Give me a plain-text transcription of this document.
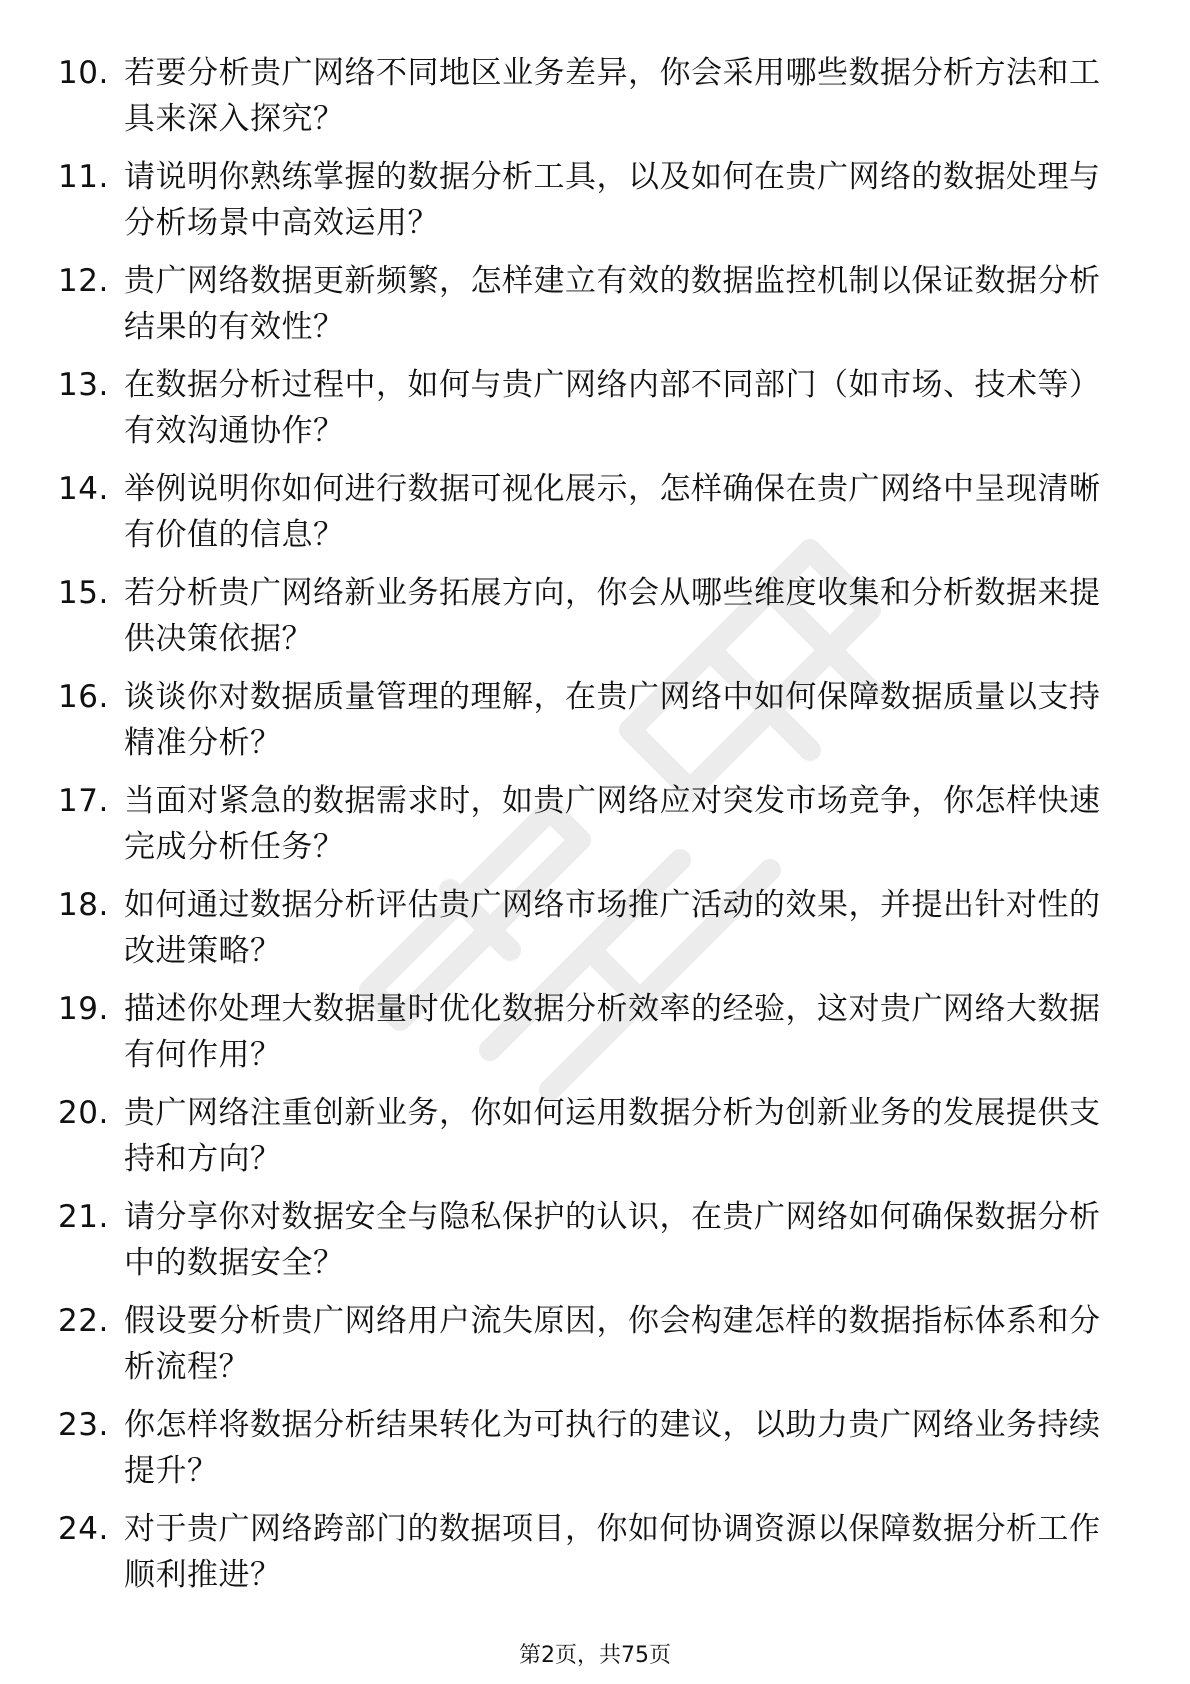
10. 若要分析贵广网络不同地区业务差异，你会采用哪些数据分析方法和工具来深入探究？
11. 请说明你熟练掌握的数据分析工具，以及如何在贵广网络的数据处理与分析场景中高效运用？
12. 贵广网络数据更新频繁，怎样建立有效的数据监控机制以保证数据分析结果的有效性？
13. 在数据分析过程中，如何与贵广网络内部不同部门（如市场、技术等）有效沟通协作？
14. 举例说明你如何进行数据可视化展示，怎样确保在贵广网络中呈现清晰有价值的信息？
15. 若分析贵广网络新业务拓展方向，你会从哪些维度收集和分析数据来提供决策依据？
16. 谈谈你对数据质量管理的理解，在贵广网络中如何保障数据质量以支持精准分析？
17. 当面对紧急的数据需求时，如贵广网络应对突发市场竞争，你怎样快速完成分析任务？
18. 如何通过数据分析评估贵广网络市场推广活动的效果，并提出针对性的改进策略？
19. 描述你处理大数据量时优化数据分析效率的经验，这对贵广网络大数据有何作用？
20. 贵广网络注重创新业务，你如何运用数据分析为创新业务的发展提供支持和方向？
21. 请分享你对数据安全与隐私保护的认识，在贵广网络如何确保数据分析中的数据安全？
22. 假设要分析贵广网络用户流失原因，你会构建怎样的数据指标体系和分析流程？
23. 你怎样将数据分析结果转化为可执行的建议，以助力贵广网络业务持续提升？
24. 对于贵广网络跨部门的数据项目，你如何协调资源以保障数据分析工作顺利推进？
第2页，共75页
